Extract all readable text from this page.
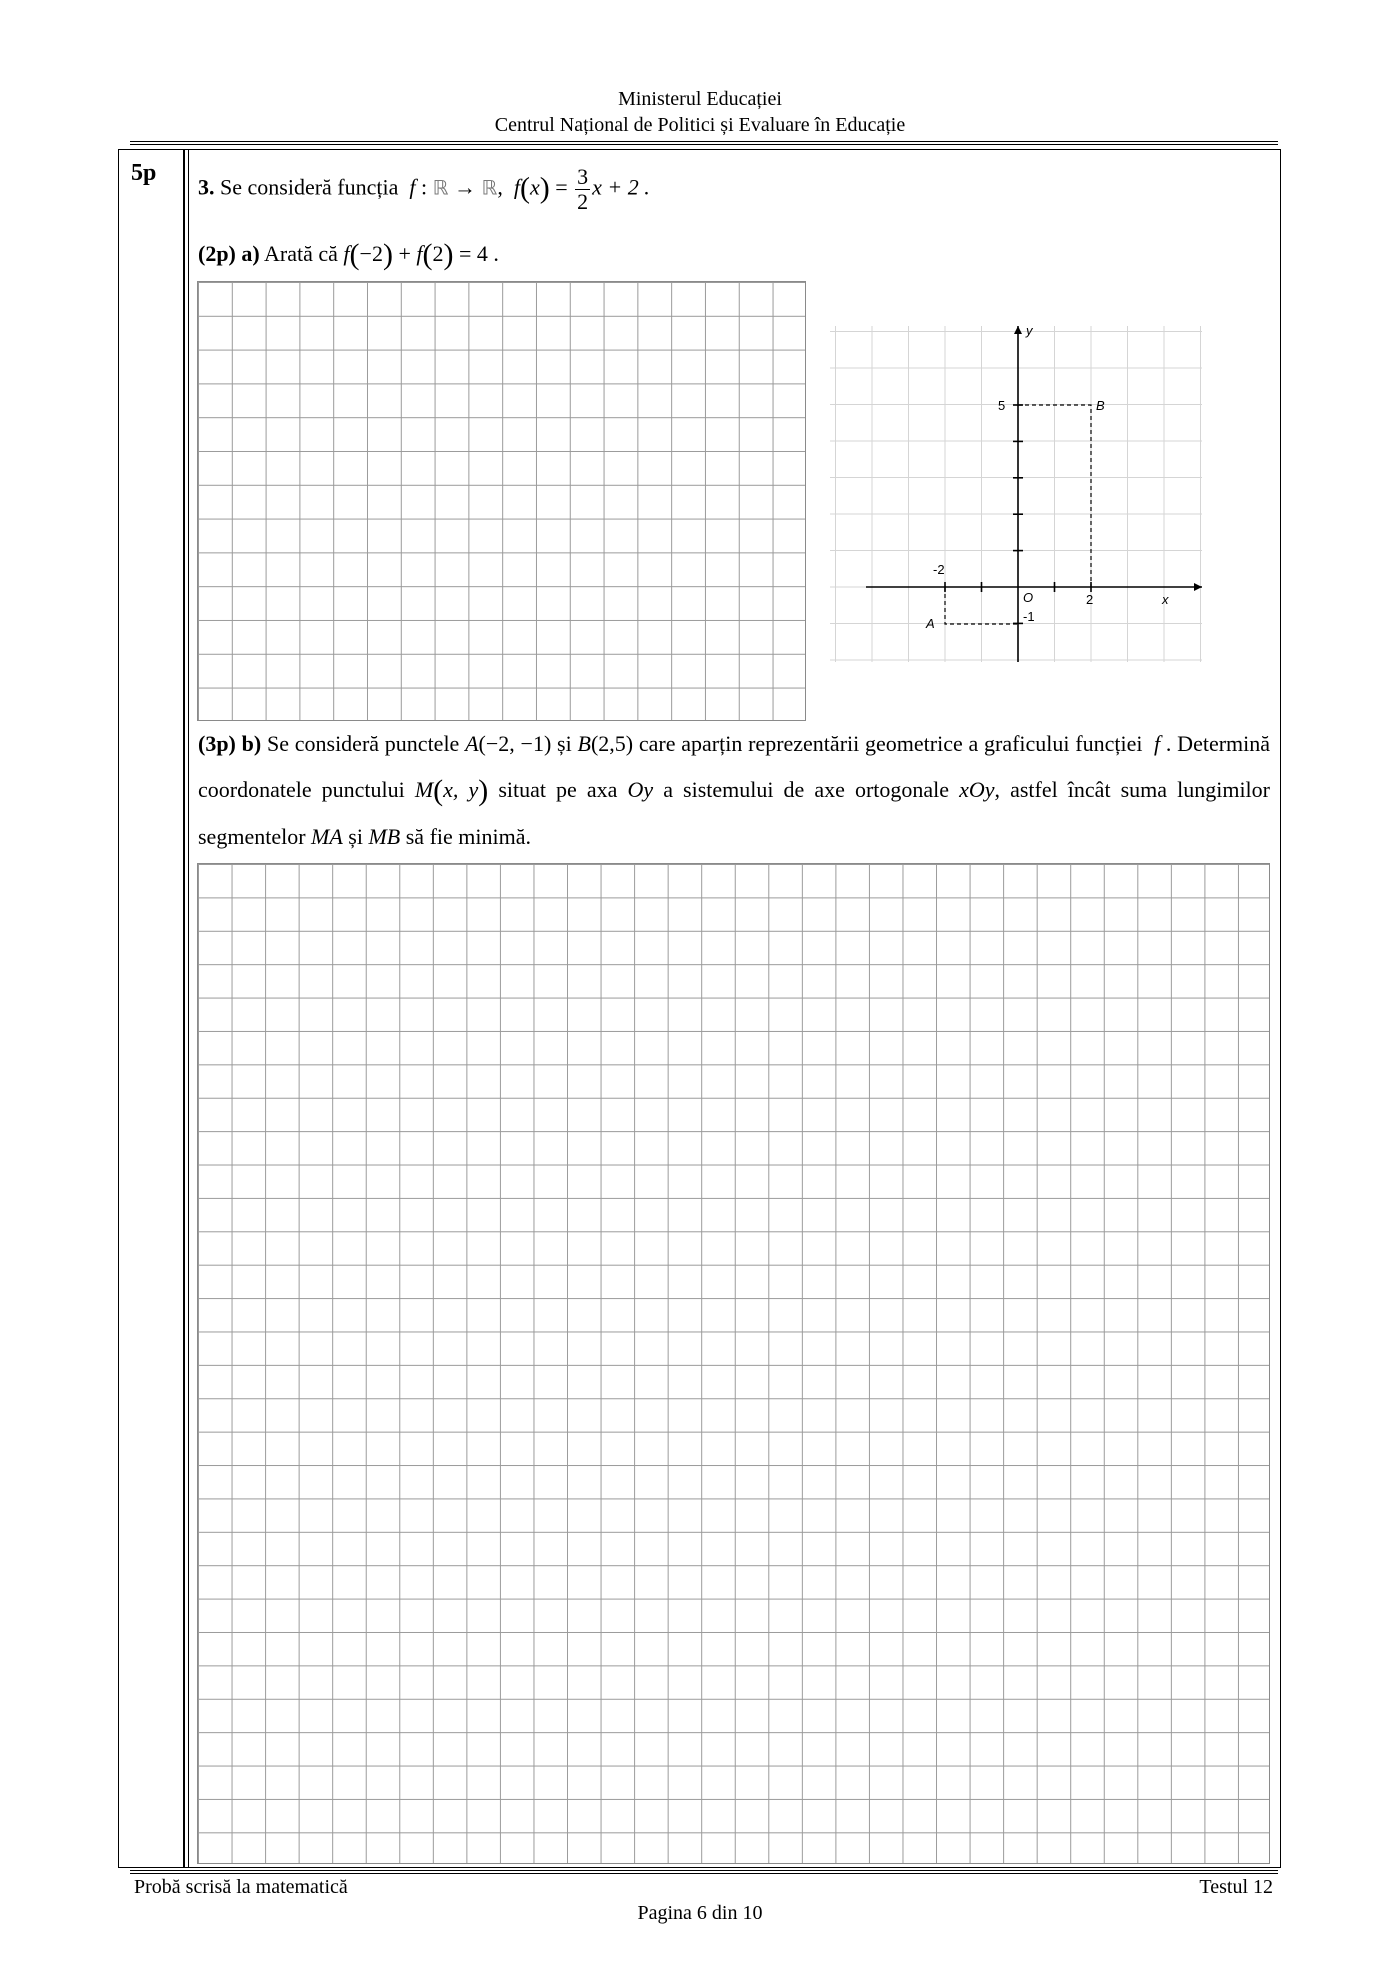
Ministerul Educației
Centrul Național de Politici și Evaluare în Educație
5p
3. Se consideră funcția f : ℝ → ℝ,  $f(x) = \frac{3}{2}$ x + 2 .
(2p) a) Arată că f(−2) + f(2) = 4 .
y
x
O
5
2
-2
-1
A
B
(3p) b) Se consideră punctele A(−2, −1) și B(2,5) care aparțin reprezentării geometrice a graficului funcției f . Determină coordonatele punctului M(x, y) situat pe axa Oy a sistemului de axe ortogonale xOy, astfel încât suma lungimilor segmentelor MA și MB să fie minimă.
Probă scrisă la matematică	Testul 12
Pagina 6 din 10
